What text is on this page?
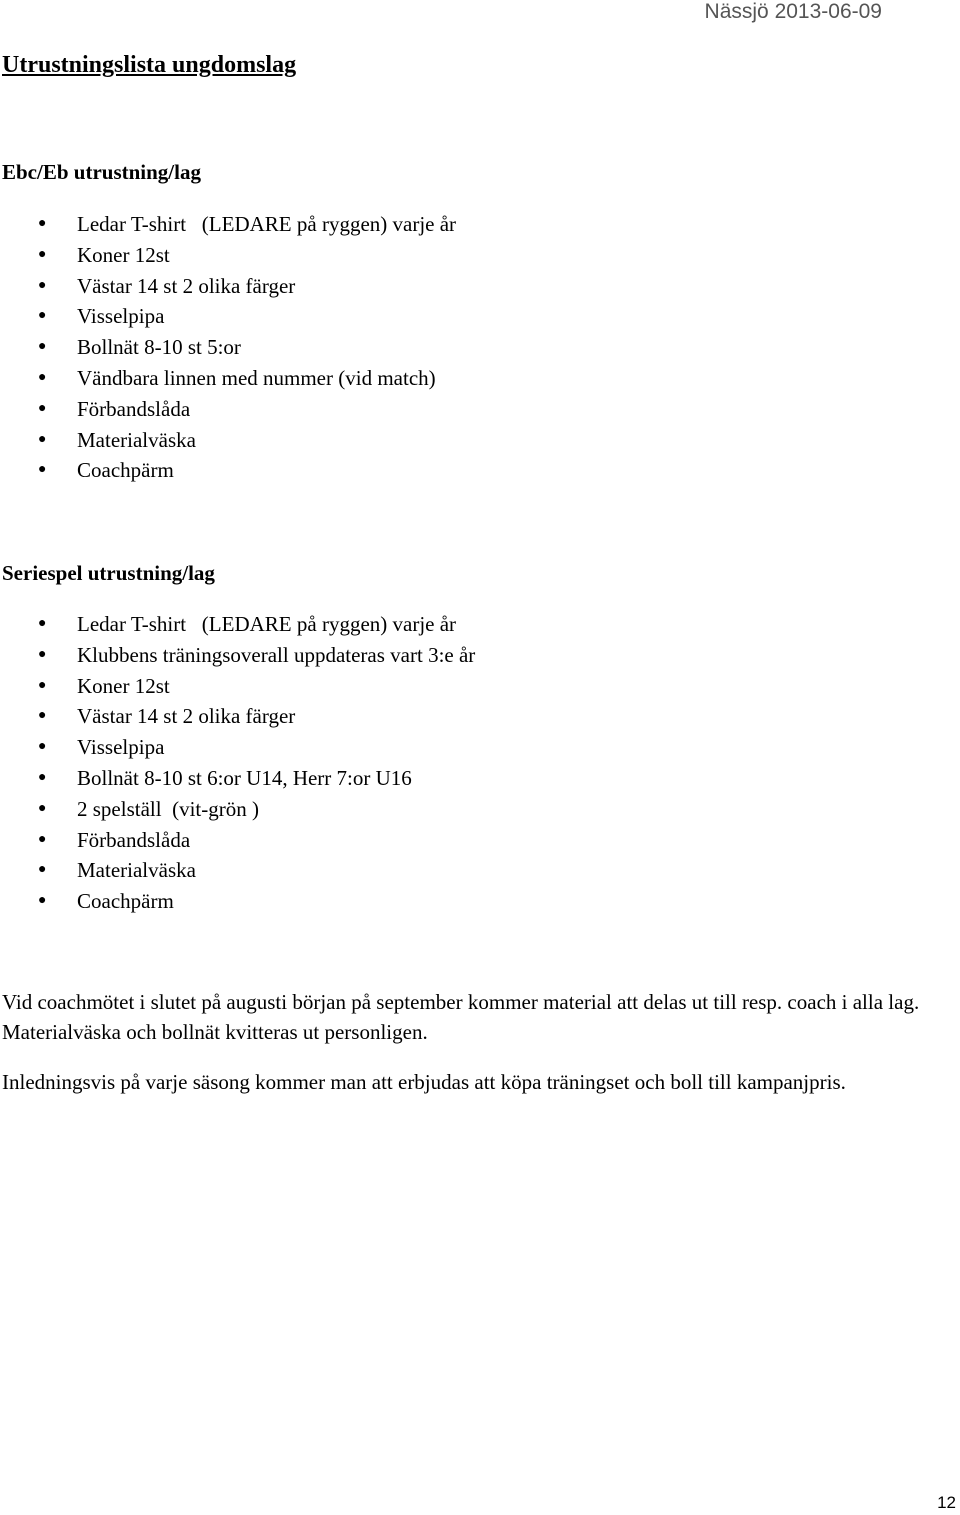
Nässjö 2013-06-09
Utrustningslista ungdomslag
Ebc/Eb utrustning/lag
● Ledar T-shirt   (LEDARE på ryggen) varje år
● Koner 12st
● Västar 14 st 2 olika färger
● Visselpipa
● Bollnät 8-10 st 5:or
● Vändbara linnen med nummer (vid match)
● Förbandslåda
● Materialväska
● Coachpärm
Seriespel utrustning/lag
● Ledar T-shirt   (LEDARE på ryggen) varje år
● Klubbens träningsoverall uppdateras vart 3:e år
● Koner 12st
● Västar 14 st 2 olika färger
● Visselpipa
● Bollnät 8-10 st 6:or U14, Herr 7:or U16
● 2 spelställ  (vit-grön )
● Förbandslåda
● Materialväska
● Coachpärm

Vid coachmötet i slutet på augusti början på september kommer material att delas ut till resp. coach i alla lag. Materialväska och bollnät kvitteras ut personligen.

Inledningsvis på varje säsong kommer man att erbjudas att köpa träningset och boll till kampanjpris.

12
